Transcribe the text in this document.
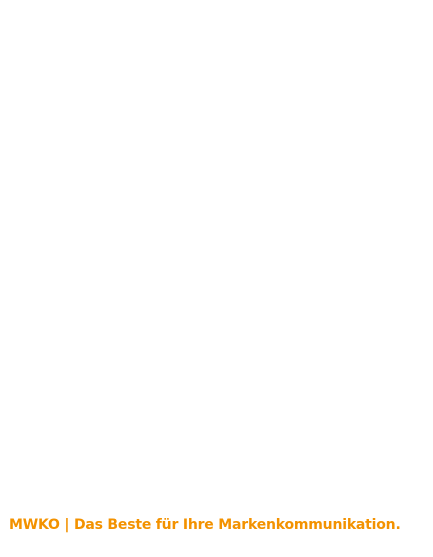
MWKO | Das Beste für Ihre Markenkommunikation.
